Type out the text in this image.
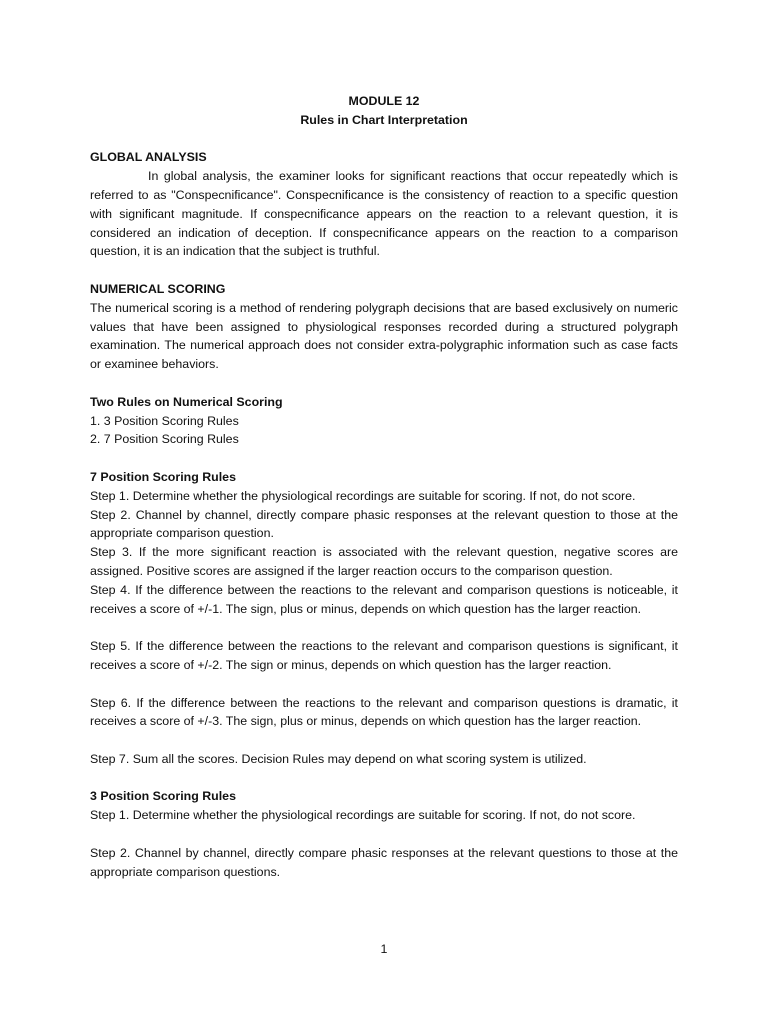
MODULE 12
Rules in Chart Interpretation
GLOBAL ANALYSIS

In global analysis, the examiner looks for significant reactions that occur repeatedly which is referred to as "Conspecnificance". Conspecnificance is the consistency of reaction to a specific question with significant magnitude. If conspecnificance appears on the reaction to a relevant question, it is considered an indication of deception. If conspecnificance appears on the reaction to a comparison question, it is an indication that the subject is truthful.

NUMERICAL SCORING

The numerical scoring is a method of rendering polygraph decisions that are based exclusively on numeric values that have been assigned to physiological responses recorded during a structured polygraph examination. The numerical approach does not consider extra-polygraphic information such as case facts or examinee behaviors.

Two Rules on Numerical Scoring

1. 3 Position Scoring Rules

2. 7 Position Scoring Rules

7 Position Scoring Rules

Step 1. Determine whether the physiological recordings are suitable for scoring. If not, do not score.

Step 2. Channel by channel, directly compare phasic responses at the relevant question to those at the appropriate comparison question.

Step 3. If the more significant reaction is associated with the relevant question, negative scores are assigned. Positive scores are assigned if the larger reaction occurs to the comparison question.

Step 4. If the difference between the reactions to the relevant and comparison questions is noticeable, it receives a score of +/-1. The sign, plus or minus, depends on which question has the larger reaction.

Step 5. If the difference between the reactions to the relevant and comparison questions is significant, it receives a score of +/-2. The sign or minus, depends on which question has the larger reaction.

Step 6. If the difference between the reactions to the relevant and comparison questions is dramatic, it receives a score of +/-3. The sign, plus or minus, depends on which question has the larger reaction.

Step 7. Sum all the scores. Decision Rules may depend on what scoring system is utilized.

3 Position Scoring Rules

Step 1. Determine whether the physiological recordings are suitable for scoring. If not, do not score.

Step 2. Channel by channel, directly compare phasic responses at the relevant questions to those at the appropriate comparison questions.

1
